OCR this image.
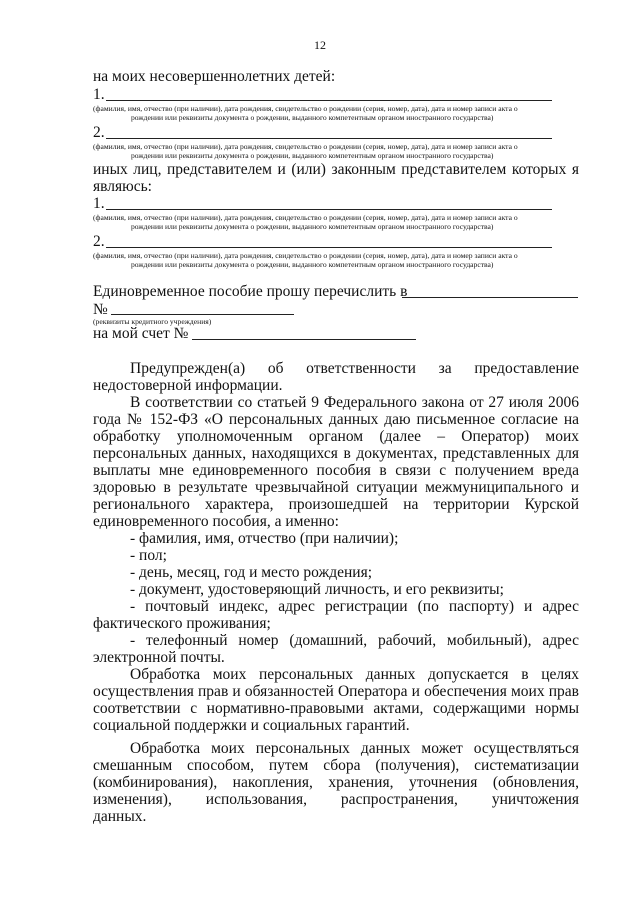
12
на моих несовершеннолетних детей:
1.
(фамилия, имя, отчество (при наличии), дата рождения, свидетельство о рождении (серия, номер, дата), дата и номер записи акта о
рождении или реквизиты документа о рождении, выданного компетентным органом иностранного государства)
2.
(фамилия, имя, отчество (при наличии), дата рождения, свидетельство о рождении (серия, номер, дата), дата и номер записи акта о
рождении или реквизиты документа о рождении, выданного компетентным органом иностранного государства)
иных лиц, представителем и (или) законным представителем которых я
являюсь:
1.
(фамилия, имя, отчество (при наличии), дата рождения, свидетельство о рождении (серия, номер, дата), дата и номер записи акта о
рождении или реквизиты документа о рождении, выданного компетентным органом иностранного государства)
2.
(фамилия, имя, отчество (при наличии), дата рождения, свидетельство о рождении (серия, номер, дата), дата и номер записи акта о
рождении или реквизиты документа о рождении, выданного компетентным органом иностранного государства)
Единовременное пособие прошу перечислить в
№
(реквизиты кредитного учреждения)
на мой счет №
Предупрежден(а) об ответственности за предоставление
недостоверной информации.
В соответствии со статьей 9 Федерального закона от 27 июля 2006
года № 152-ФЗ «О персональных данных даю письменное согласие на
обработку уполномоченным органом (далее – Оператор) моих
персональных данных, находящихся в документах, представленных для
выплаты мне единовременного пособия в связи с получением вреда
здоровью в результате чрезвычайной ситуации межмуниципального и
регионального характера, произошедшей на территории Курской
единовременного пособия, а именно:
- фамилия, имя, отчество (при наличии);
- пол;
- день, месяц, год и место рождения;
- документ, удостоверяющий личность, и его реквизиты;
- почтовый индекс, адрес регистрации (по паспорту) и адрес
фактического проживания;
- телефонный номер (домашний, рабочий, мобильный), адрес
электронной почты.
Обработка моих персональных данных допускается в целях
осуществления прав и обязанностей Оператора и обеспечения моих прав
соответствии с нормативно-правовыми актами, содержащими нормы
социальной поддержки и социальных гарантий.
Обработка моих персональных данных может осуществляться
смешанным способом, путем сбора (получения), систематизации
(комбинирования), накопления, хранения, уточнения (обновления,
изменения), использования, распространения, уничтожения
данных.
